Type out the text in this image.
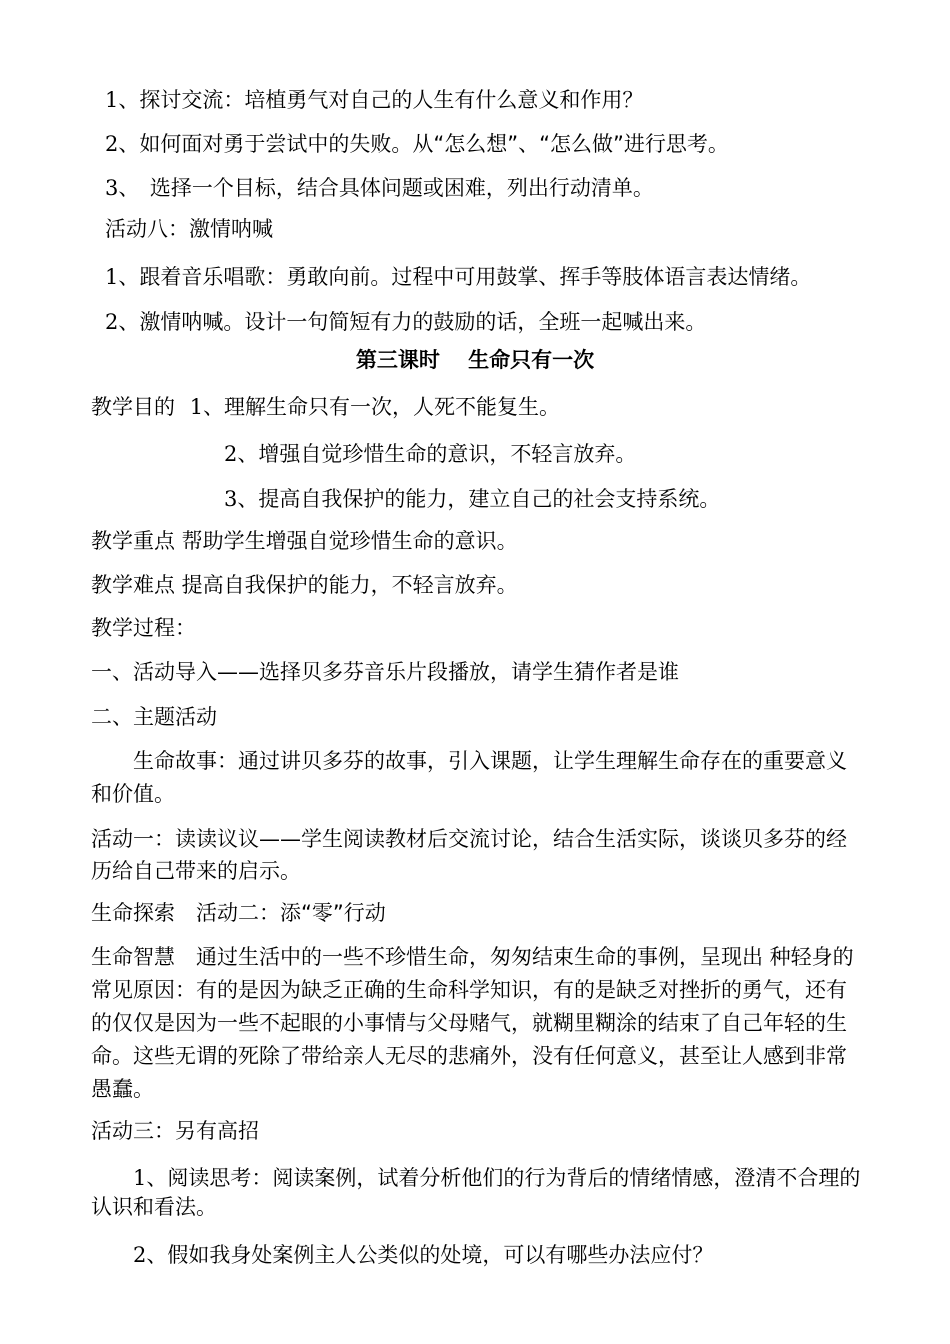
1、探讨交流：培植勇气对自己的人生有什么意义和作用？
2、如何面对勇于尝试中的失败。从“怎么想”、“怎么做”进行思考。
3、　选择一个目标，结合具体问题或困难，列出行动清单。
活动八：激情呐喊
1、跟着音乐唱歌：勇敢向前。过程中可用鼓掌、挥手等肢体语言表达情绪。
2、激情呐喊。设计一句简短有力的鼓励的话，全班一起喊出来。
第三课时　 生命只有一次
教学目的 1、理解生命只有一次，人死不能复生。
2、增强自觉珍惜生命的意识，不轻言放弃。
3、提高自我保护的能力，建立自己的社会支持系统。
教学重点 帮助学生增强自觉珍惜生命的意识。
教学难点 提高自我保护的能力，不轻言放弃。
教学过程：
一、活动导入——选择贝多芬音乐片段播放，请学生猜作者是谁
二、主题活动
生命故事：通过讲贝多芬的故事，引入课题，让学生理解生命存在的重要意义
和价值。
活动一：读读议议——学生阅读教材后交流讨论，结合生活实际，谈谈贝多芬的经
历给自己带来的启示。
生命探索　活动二：添“零”行动
生命智慧　通过生活中的一些不珍惜生命，匆匆结束生命的事例，呈现出 种轻身的
常见原因：有的是因为缺乏正确的生命科学知识，有的是缺乏对挫折的勇气，还有
的仅仅是因为一些不起眼的小事情与父母赌气，就糊里糊涂的结束了自己年轻的生
命。这些无谓的死除了带给亲人无尽的悲痛外，没有任何意义，甚至让人感到非常
愚蠢。
活动三：另有高招
1、阅读思考：阅读案例，试着分析他们的行为背后的情绪情感，澄清不合理的
认识和看法。
2、假如我身处案例主人公类似的处境，可以有哪些办法应付？
